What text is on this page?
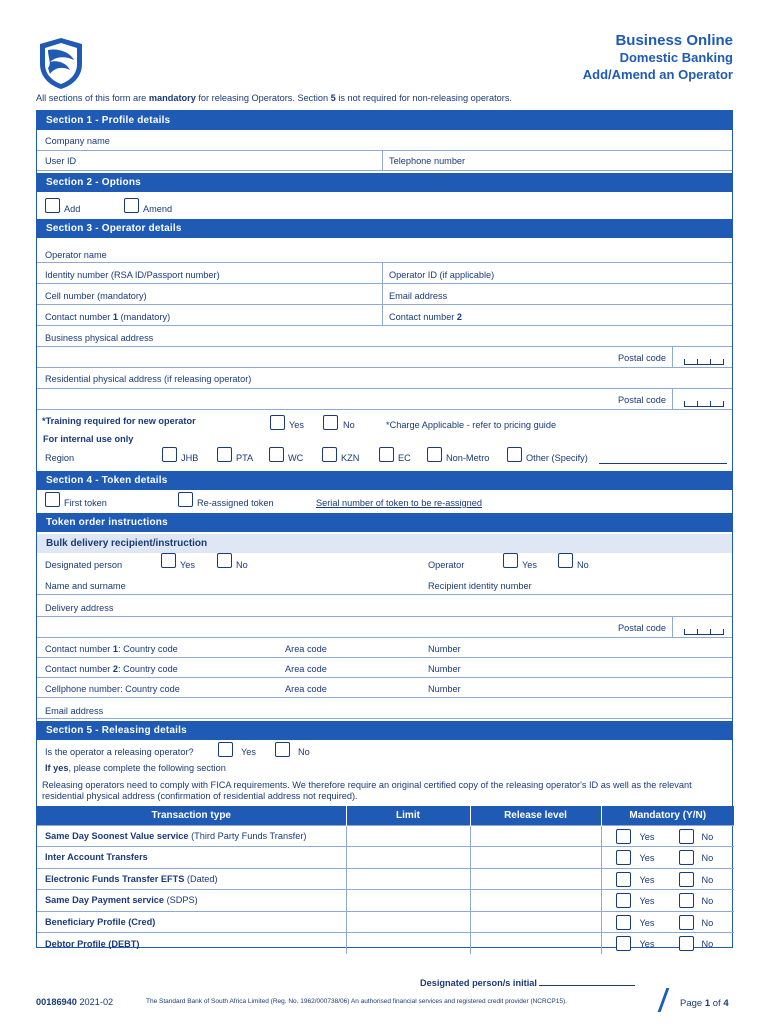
Business Online
Domestic Banking
Add/Amend an Operator
All sections of this form are mandatory for releasing Operators. Section 5 is not required for non-releasing operators.
Section 1 - Profile details
Company name
User ID	Telephone number
Section 2 - Options
Add	Amend
Section 3 - Operator details
Operator name
Identity number (RSA ID/Passport number)	Operator ID (if applicable)
Cell number (mandatory)	Email address
Contact number 1 (mandatory)	Contact number 2
Business physical address
Postal code
Residential physical address (if releasing operator)
Postal code
*Training required for new operator	Yes	No	*Charge Applicable - refer to pricing guide
For internal use only
Region	JHB	PTA	WC	KZN	EC	Non-Metro	Other (Specify)
Section 4 - Token details
First token	Re-assigned token	Serial number of token to be re-assigned
Token order instructions
Bulk delivery recipient/instruction
Designated person	Yes	No	Operator	Yes	No
Name and surname	Recipient identity number
Delivery address
Postal code
Contact number 1: Country code	Area code	Number
Contact number 2: Country code	Area code	Number
Cellphone number: Country code	Area code	Number
Email address
Section 5 - Releasing details
Is the operator a releasing operator?	Yes	No
If yes, please complete the following section
Releasing operators need to comply with FICA requirements. We therefore require an original certified copy of the releasing operator's ID as well as the relevant residential physical address (confirmation of residential address not required).
Transaction type	Limit	Release level	Mandatory (Y/N)
Same Day Soonest Value service (Third Party Funds Transfer)			Yes No

Inter Account Transfers			Yes No

Electronic Funds Transfer EFTS (Dated)			Yes No

Same Day Payment service (SDPS)			Yes No

Beneficiary Profile (Cred)			Yes No

Debtor Profile (DEBT)			Yes No
Designated person/s initial
00186940 2021-02	The Standard Bank of South Africa Limited (Reg. No. 1962/000738/06) An authorised financial services and registered credit provider (NCRCP15).	Page 1 of 4
